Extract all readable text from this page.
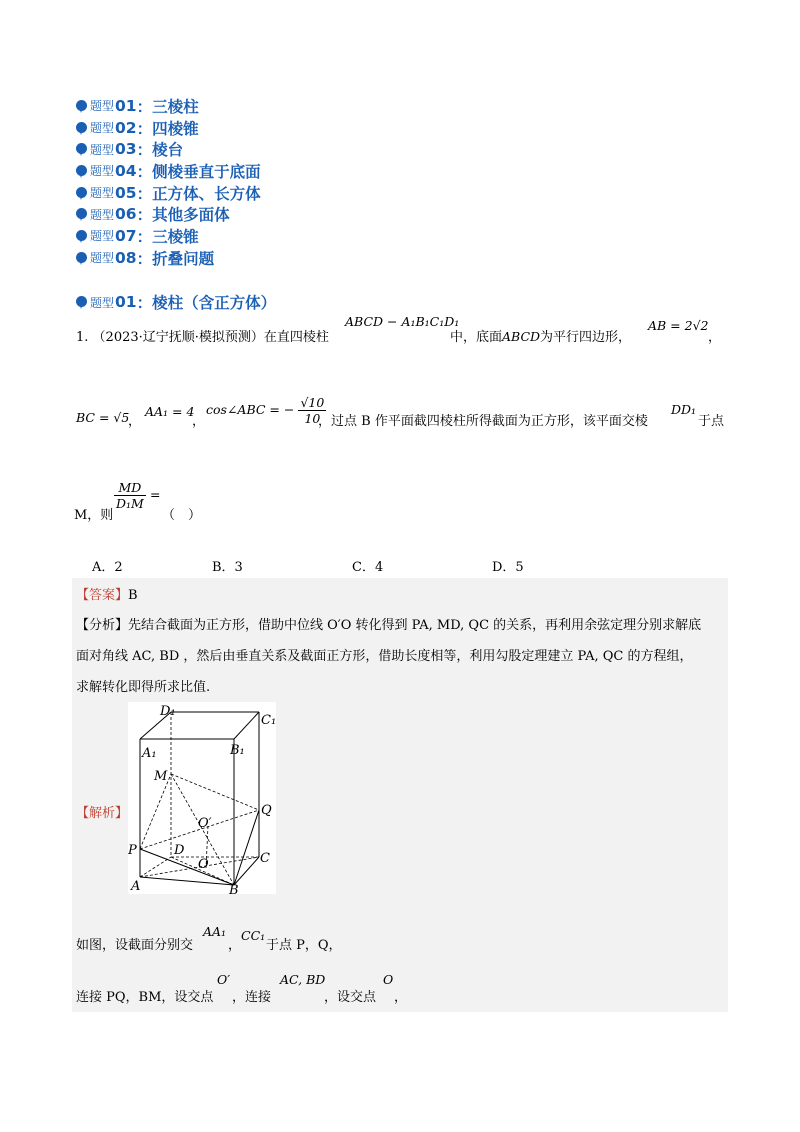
题型 01 ： 三棱柱
题型 02 ： 四棱锥
题型 03 ： 棱台
题型 04 ： 侧棱垂直于底面
题型 05 ： 正方体、长方体
题型 06 ： 其他多面体
题型 07 ： 三棱锥
题型 08 ： 折叠问题
题型 01 ： 棱柱（含正方体）
1. （2023·辽宁抚顺·模拟预测）在直四棱柱
ABCD − A₁B₁C₁D₁
中，底面ABCD为平行四边形，
AB = 2√2
，
BC = √5
，
AA₁ = 4
，
cos∠ABC = − $\frac{√10}{10}$
，过点 B 作平面截四棱柱所得截面为正方形，该平面交棱
DD₁
于点
M，则
$\frac{MD}{\text{D₁M}}$ =
（　）
A．2	B．3	C．4	D．5
【答案】B
【分析】先结合截面为正方形，借助中位线 O′O 转化得到 PA, MD, QC 的关系，再利用余弦定理分别求解底
面对角线 AC, BD ，然后由垂直关系及截面正方形，借助长度相等，利用勾股定理建立 PA, QC 的方程组，
求解转化即得所求比值.
【解析】
D₁
C₁
A₁	B₁
M
Q
O′
P	D
O	C
A	B
如图，设截面分别交
AA₁
，
CC₁
于点 P，Q，
连接 PQ，BM，设交点
O′
，连接
AC, BD
，设交点
O
，
